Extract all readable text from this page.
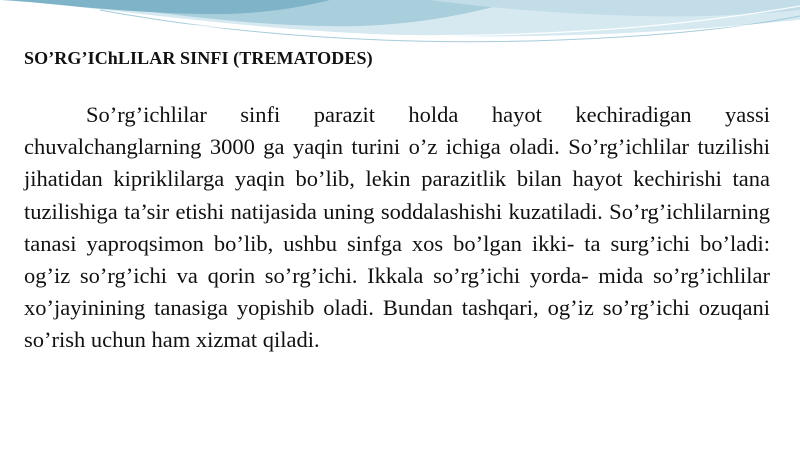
SO’RG’IChLILAR SINFI (TREMATODES)

So’rg’ichlilar sinfi parazit holda hayot kechiradigan yassi chuvalchanglarning 3000 ga yaqin turini o’z ichiga oladi. So’rg’ichlilar tuzilishi jihatidan kipriklilarga yaqin bo’lib, lekin parazitlik bilan hayot kechirishi tana tuzilishiga ta’sir etishi natijasida uning soddalashishi kuzatiladi. So’rg’ichlilarning tanasi yaproqsimon bo’lib, ushbu sinfga xos bo’lgan ikki- ta surg’ichi bo’ladi: og’iz so’rg’ichi va qorin so’rg’ichi. Ikkala so’rg’ichi yorda- mida so’rg’ichlilar xo’jayinining tanasiga yopishib oladi. Bundan tashqari, og’iz so’rg’ichi ozuqani so’rish uchun ham xizmat qiladi.
